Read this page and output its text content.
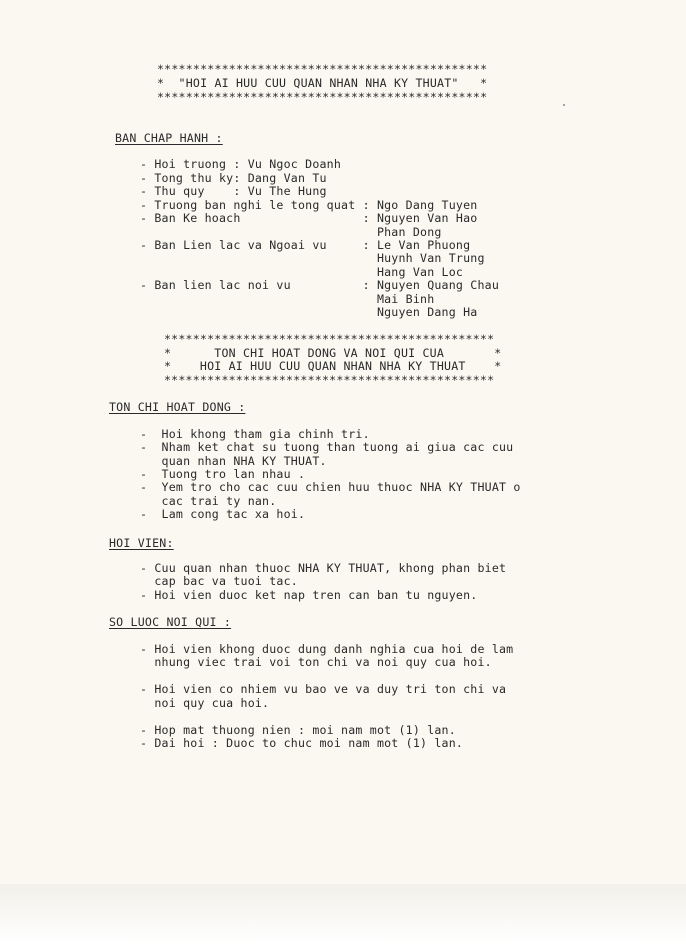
**********************************************
*  "HOI AI HUU CUU QUAN NHAN NHA KY THUAT"   *
**********************************************
BAN CHAP HANH :
- Hoi truong : Vu Ngoc Doanh
- Tong thu ky: Dang Van Tu
- Thu quy    : Vu The Hung
- Truong ban nghi le tong quat : Ngo Dang Tuyen
- Ban Ke hoach                 : Nguyen Van Hao
Phan Dong
- Ban Lien lac va Ngoai vu     : Le Van Phuong
Huynh Van Trung
Hang Van Loc
- Ban lien lac noi vu          : Nguyen Quang Chau
Mai Binh
Nguyen Dang Ha
**********************************************
*      TON CHI HOAT DONG VA NOI QUI CUA       *
*    HOI AI HUU CUU QUAN NHAN NHA KY THUAT    *
**********************************************
TON CHI HOAT DONG :
-  Hoi khong tham gia chinh tri.
-  Nham ket chat su tuong than tuong ai giua cac cuu
quan nhan NHA KY THUAT.
-  Tuong tro lan nhau .
-  Yem tro cho cac cuu chien huu thuoc NHA KY THUAT o
cac trai ty nan.
-  Lam cong tac xa hoi.
HOI VIEN:
- Cuu quan nhan thuoc NHA KY THUAT, khong phan biet
cap bac va tuoi tac.
- Hoi vien duoc ket nap tren can ban tu nguyen.
SO LUOC NOI QUI :
- Hoi vien khong duoc dung danh nghia cua hoi de lam
nhung viec trai voi ton chi va noi quy cua hoi.
- Hoi vien co nhiem vu bao ve va duy tri ton chi va
noi quy cua hoi.
- Hop mat thuong nien : moi nam mot (1) lan.
- Dai hoi : Duoc to chuc moi nam mot (1) lan.
